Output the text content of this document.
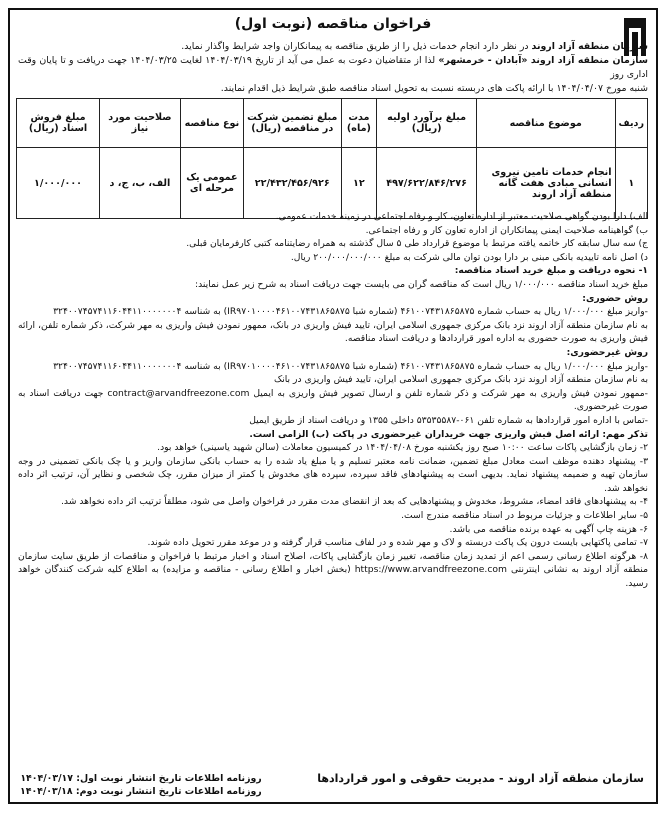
فراخوان مناقصه (نوبت اول)
سازمان منطقه آزاد اروند در نظر دارد انجام خدمات ذیل را از طریق مناقصه به پیمانکاران واجد شرایط واگذار نماید.
سازمان منطقه آزاد اروند «آبادان - خرمشهر» لذا از متقاضیان دعوت به عمل می آید از تاریخ ۱۴۰۴/۰۳/۱۹ لغایت ۱۴۰۴/۰۳/۲۵ جهت دریافت و تا پایان وقت اداری روز
شنبه مورخ ۱۴۰۴/۰۴/۰۷ با ارائه پاکت های دربسته نسبت به تحویل اسناد مناقصه طبق شرایط ذیل اقدام نمایند.
ردیف	موضوع مناقصه	مبلغ برآورد اولیه (ریال)	مدت (ماه)	مبلغ تضمین شرکت در مناقصه (ریال)	نوع مناقصه	صلاحیت مورد نیاز	مبلغ فروش اسناد (ریال)
۱	انجام خدمات تامین نیروی انسانی مبادی هفت گانه منطقه آزاد اروند	۴۹۷/۶۲۲/۸۴۶/۲۷۶	۱۲	۲۲/۴۳۲/۴۵۶/۹۲۶	عمومی یک مرحله ای	الف، ب، ج، د	۱/۰۰۰/۰۰۰

الف) دارا بودن گواهی صلاحیت معتبر از اداره تعاون، کار و رفاه اجتماعی در زمینه خدمات عمومی.

ب) گواهینامه صلاحیت ایمنی پیمانکاران از اداره تعاون کار و رفاه اجتماعی.

ج) سه سال سابقه کار خاتمه یافته مرتبط با موضوع قرارداد طی ۵ سال گذشته به همراه رضایتنامه کتبی کارفرمایان قبلی.

د) اصل نامه تاییدیه بانکی مبنی بر دارا بودن توان مالی شرکت به مبلغ ۲۰۰/۰۰۰/۰۰۰/۰۰۰ ریال.

۱- نحوه دریافت و مبلغ خرید اسناد مناقصه:

مبلغ خرید اسناد مناقصه ۱/۰۰۰/۰۰۰ ریال است که مناقصه گران می بایست جهت دریافت اسناد به شرح زیر عمل نمایند:

روش حضوری:

-واریز مبلغ ۱/۰۰۰/۰۰۰ ریال به حساب شماره ۴۶۱۰۰۷۴۳۱۸۶۵۸۷۵ (شماره شبا IR۹۷۰۱۰۰۰۰۴۶۱۰۰۷۴۳۱۸۶۵۸۷۵) به شناسه ۳۲۴۰۰۷۴۵۷۴۱۱۶۰۴۴۱۱۰۰۰۰۰۰۰۴

به نام سازمان منطقه آزاد اروند نزد بانک مرکزی جمهوری اسلامی ایران، تایید فیش واریزی در بانک، ممهور نمودن فیش واریزی به مهر شرکت، ذکر شماره تلفن، ارائه فیش واریزی به صورت حضوری به اداره امور قراردادها و دریافت اسناد مناقصه.

روش غیرحضوری:

-واریز مبلغ ۱/۰۰۰/۰۰۰ ریال به حساب شماره ۴۶۱۰۰۷۴۳۱۸۶۵۸۷۵ (شماره شبا IR۹۷۰۱۰۰۰۰۴۶۱۰۰۷۴۳۱۸۶۵۸۷۵) به شناسه ۳۲۴۰۰۷۴۵۷۴۱۱۶۰۴۴۱۱۰۰۰۰۰۰۰۴

به نام سازمان منطقه آزاد اروند نزد بانک مرکزی جمهوری اسلامی ایران، تایید فیش واریزی در بانک

-ممهور نمودن فیش واریزی به مهر شرکت و ذکر شماره تلفن و ارسال تصویر فیش واریزی به ایمیل contract@arvandfreezone.com جهت دریافت اسناد به صورت غیرحضوری.

-تماس با اداره امور قراردادها به شماره تلفن ۰۶۱-۵۳۵۳۵۵۸۷ داخلی ۱۳۵۵ و دریافت اسناد از طریق ایمیل

تذکر مهم: ارائه اصل فیش واریزی جهت خریداران غیرحضوری در پاکت (ب) الزامی است.

۲- زمان بازگشایی پاکات ساعت ۱۰:۰۰ صبح روز یکشنبه مورخ ۱۴۰۴/۰۴/۰۸ در کمیسیون معاملات (سالن شهید یاسینی) خواهد بود.

۳- پیشنهاد دهنده موظف است معادل مبلغ تضمین، ضمانت نامه معتبر تسلیم و یا مبلغ یاد شده را به حساب بانکی سازمان واریز و یا چک بانکی تضمینی در وجه سازمان تهیه و ضمیمه پیشنهاد نماید. بدیهی است به پیشنهادهای فاقد سپرده، سپرده های مخدوش یا کمتر از میزان مقرر، چک شخصی و نظایر آن، ترتیب اثر داده نخواهد شد.

۴- به پیشنهادهای فاقد امضاء، مشروط، مخدوش و پیشنهادهایی که بعد از انقضای مدت مقرر در فراخوان واصل می شود، مطلقاً ترتیب اثر داده نخواهد شد.

۵- سایر اطلاعات و جزئیات مربوط در اسناد مناقصه مندرج است.

۶- هزینه چاپ آگهی به عهده برنده مناقصه می باشد.

۷- تمامی پاکتهایی بایست درون یک پاکت دربسته و لاک و مهر شده و در لفاف مناسب قرار گرفته و در موعد مقرر تحویل داده شوند.

۸- هرگونه اطلاع رسانی رسمی اعم از تمدید زمان مناقصه، تغییر زمان بازگشایی پاکات، اصلاح اسناد و اخبار مرتبط با فراخوان و مناقصات از طریق سایت سازمان منطقه آزاد اروند به نشانی اینترنتی https://www.arvandfreezone.com (بخش اخبار و اطلاع رسانی - مناقصه و مزایده) به اطلاع کلیه شرکت کنندگان خواهد رسید.

سازمان منطقه آزاد اروند - مدیریت حقوقی و امور قراردادها
روزنامه اطلاعات تاریخ انتشار نوبت اول: ۱۴۰۴/۰۳/۱۷
روزنامه اطلاعات تاریخ انتشار نوبت دوم: ۱۴۰۴/۰۳/۱۸
